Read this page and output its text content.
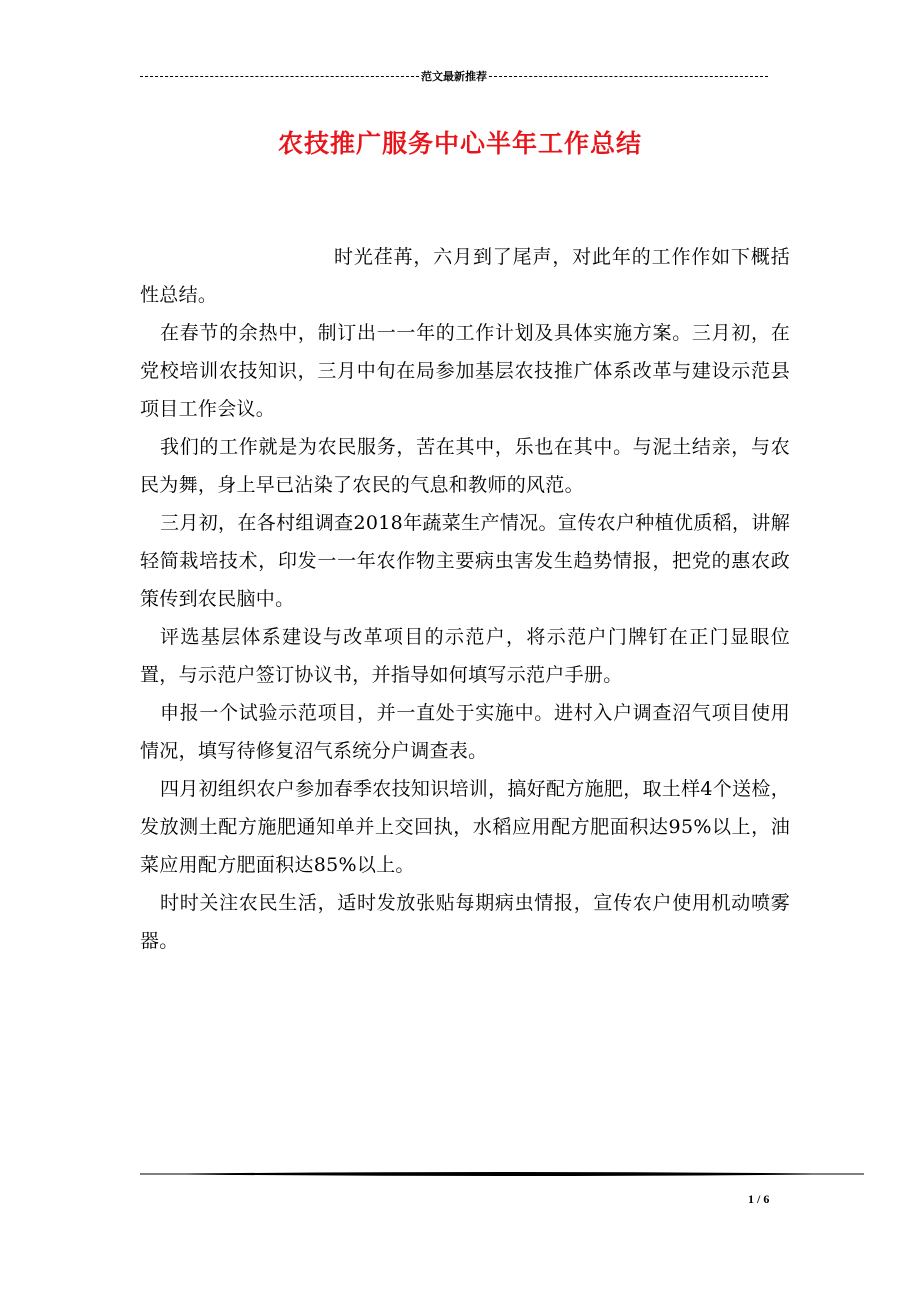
范文最新推荐
农技推广服务中心半年工作总结

时光荏苒，六月到了尾声，对此年的工作作如下概括性总结。

在春节的余热中，制订出一一年的工作计划及具体实施方案。三月初，在党校培训农技知识，三月中旬在局参加基层农技推广体系改革与建设示范县项目工作会议。

我们的工作就是为农民服务，苦在其中，乐也在其中。与泥土结亲，与农民为舞，身上早已沾染了农民的气息和教师的风范。

三月初，在各村组调查2018年蔬菜生产情况。宣传农户种植优质稻，讲解轻简栽培技术，印发一一年农作物主要病虫害发生趋势情报，把党的惠农政策传到农民脑中。

评选基层体系建设与改革项目的示范户，将示范户门牌钉在正门显眼位置，与示范户签订协议书，并指导如何填写示范户手册。

申报一个试验示范项目，并一直处于实施中。进村入户调查沼气项目使用情况，填写待修复沼气系统分户调查表。

四月初组织农户参加春季农技知识培训，搞好配方施肥，取土样4个送检，发放测土配方施肥通知单并上交回执，水稻应用配方肥面积达95%以上，油菜应用配方肥面积达85%以上。

时时关注农民生活，适时发放张贴每期病虫情报，宣传农户使用机动喷雾器。

1 / 6
